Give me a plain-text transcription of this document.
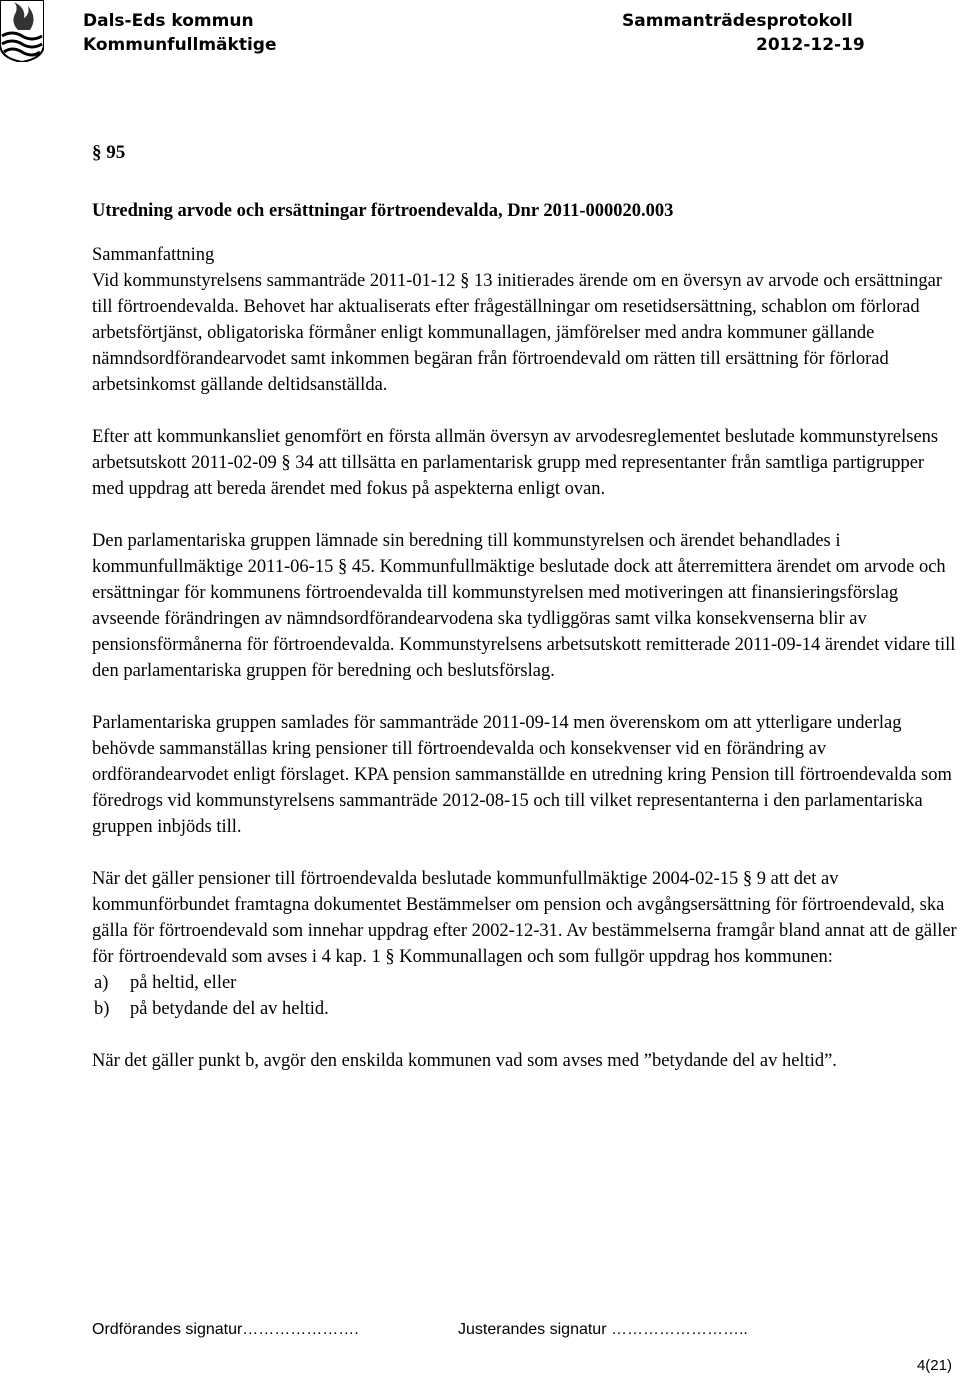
Dals-Eds kommun
Kommunfullmäktige
Sammanträdesprotokoll
2012-12-19
§ 95
Utredning arvode och ersättningar förtroendevalda, Dnr 2011-000020.003
Sammanfattning

Vid kommunstyrelsens sammanträde 2011-01-12 § 13 initierades ärende om en översyn av arvode och ersättningar till förtroendevalda. Behovet har aktualiserats efter frågeställningar om resetidsersättning, schablon om förlorad arbetsförtjänst, obligatoriska förmåner enligt kommunallagen, jämförelser med andra kommuner gällande nämndsordförandearvodet samt inkommen begäran från förtroendevald om rätten till ersättning för förlorad arbetsinkomst gällande deltidsanställda.

Efter att kommunkansliet genomfört en första allmän översyn av arvodesreglementet beslutade kommunstyrelsens arbetsutskott 2011-02-09 § 34 att tillsätta en parlamentarisk grupp med representanter från samtliga partigrupper med uppdrag att bereda ärendet med fokus på aspekterna enligt ovan.

Den parlamentariska gruppen lämnade sin beredning till kommunstyrelsen och ärendet behandlades i kommunfullmäktige 2011-06-15 § 45. Kommunfullmäktige beslutade dock att återremittera ärendet om arvode och ersättningar för kommunens förtroendevalda till kommunstyrelsen med motiveringen att finansieringsförslag avseende förändringen av nämndsordförandearvodena ska tydliggöras samt vilka konsekvenserna blir av pensionsförmånerna för förtroendevalda. Kommunstyrelsens arbetsutskott remitterade 2011-09-14 ärendet vidare till den parlamentariska gruppen för beredning och beslutsförslag.

Parlamentariska gruppen samlades för sammanträde 2011-09-14 men överenskom om att ytterligare underlag behövde sammanställas kring pensioner till förtroendevalda och konsekvenser vid en förändring av ordförandearvodet enligt förslaget. KPA pension sammanställde en utredning kring Pension till förtroendevalda som föredrogs vid kommunstyrelsens sammanträde 2012-08-15 och till vilket representanterna i den parlamentariska gruppen inbjöds till.

När det gäller pensioner till förtroendevalda beslutade kommunfullmäktige 2004-02-15 § 9 att det av kommunförbundet framtagna dokumentet Bestämmelser om pension och avgångsersättning för förtroendevald, ska gälla för förtroendevald som innehar uppdrag efter 2002-12-31. Av bestämmelserna framgår bland annat att de gäller för förtroendevald som avses i 4 kap. 1 § Kommunallagen och som fullgör uppdrag hos kommunen:
a)	på heltid, eller
b)	på betydande del av heltid.

När det gäller punkt b, avgör den enskilda kommunen vad som avses med ”betydande del av heltid”.

Ordförandes signatur………………….	Justerandes signatur ……………………..
4(21)
